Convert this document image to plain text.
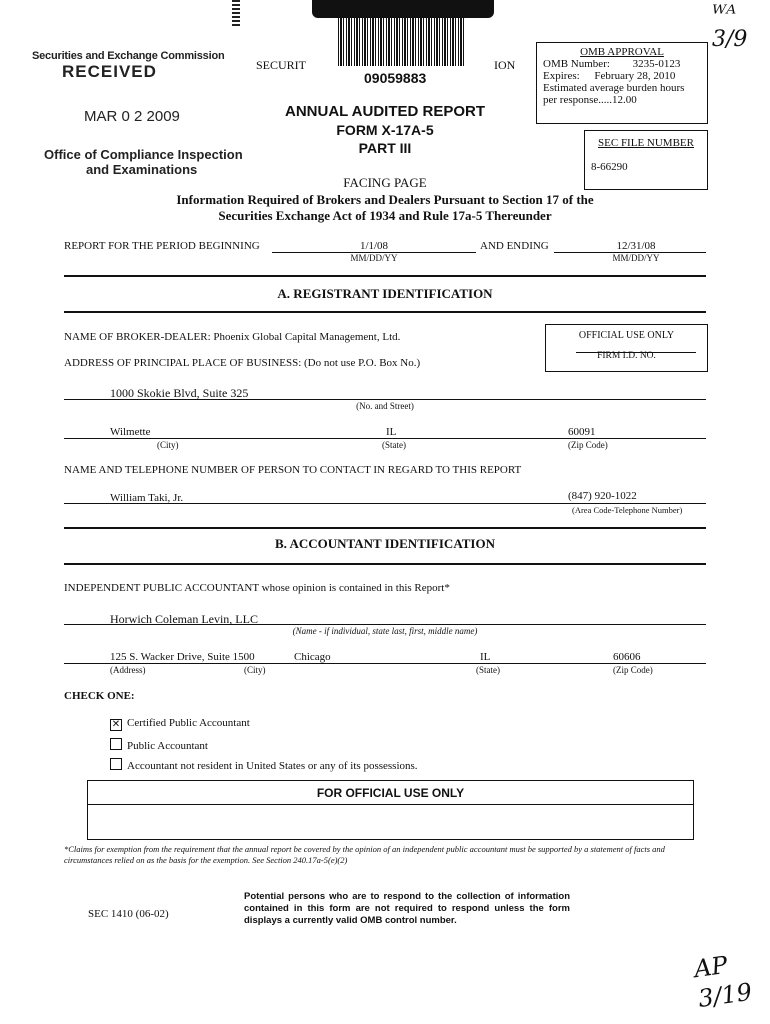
ᵂᴬ 3/9
Securities and Exchange Commission
RECEIVED
MAR 0 2 2009
Office of Compliance Inspection
and Examinations
SECURIT
09059883
ION
OMB APPROVAL
OMB Number: 3235-0123
Expires: February 28, 2010
Estimated average burden hours
per response.....12.00
SEC FILE NUMBER
8-66290
ANNUAL AUDITED REPORT
FORM X-17A-5
PART III
FACING PAGE
Information Required of Brokers and Dealers Pursuant to Section 17 of the
Securities Exchange Act of 1934 and Rule 17a-5 Thereunder
REPORT FOR THE PERIOD BEGINNING	1/1/08
MM/DD/YY
AND ENDING	12/31/08
MM/DD/YY
A. REGISTRANT IDENTIFICATION
NAME OF BROKER-DEALER: Phoenix Global Capital Management, Ltd.
ADDRESS OF PRINCIPAL PLACE OF BUSINESS: (Do not use P.O. Box No.)
OFFICIAL USE ONLY
FIRM I.D. NO.
1000 Skokie Blvd, Suite 325
(No. and Street)
Wilmette	IL	60091
(City)	(State)	(Zip Code)
NAME AND TELEPHONE NUMBER OF PERSON TO CONTACT IN REGARD TO THIS REPORT
William Taki, Jr.	(847) 920-1022
(Area Code-Telephone Number)
B. ACCOUNTANT IDENTIFICATION
INDEPENDENT PUBLIC ACCOUNTANT whose opinion is contained in this Report*
Horwich Coleman Levin, LLC
(Name - if individual, state last, first, middle name)
125 S. Wacker Drive, Suite 1500	Chicago	IL	60606
(Address)	(City)	(State)	(Zip Code)
CHECK ONE:
✕ Certified Public Accountant
Public Accountant
Accountant not resident in United States or any of its possessions.
FOR OFFICIAL USE ONLY
*Claims for exemption from the requirement that the annual report be covered by the opinion of an independent public accountant must be supported by a statement of facts and circumstances relied on as the basis for the exemption. See Section 240.17a-5(e)(2)
SEC 1410 (06-02)
Potential persons who are to respond to the collection of information contained in this form are not required to respond unless the form displays a currently valid OMB control number.
AP 3/19
